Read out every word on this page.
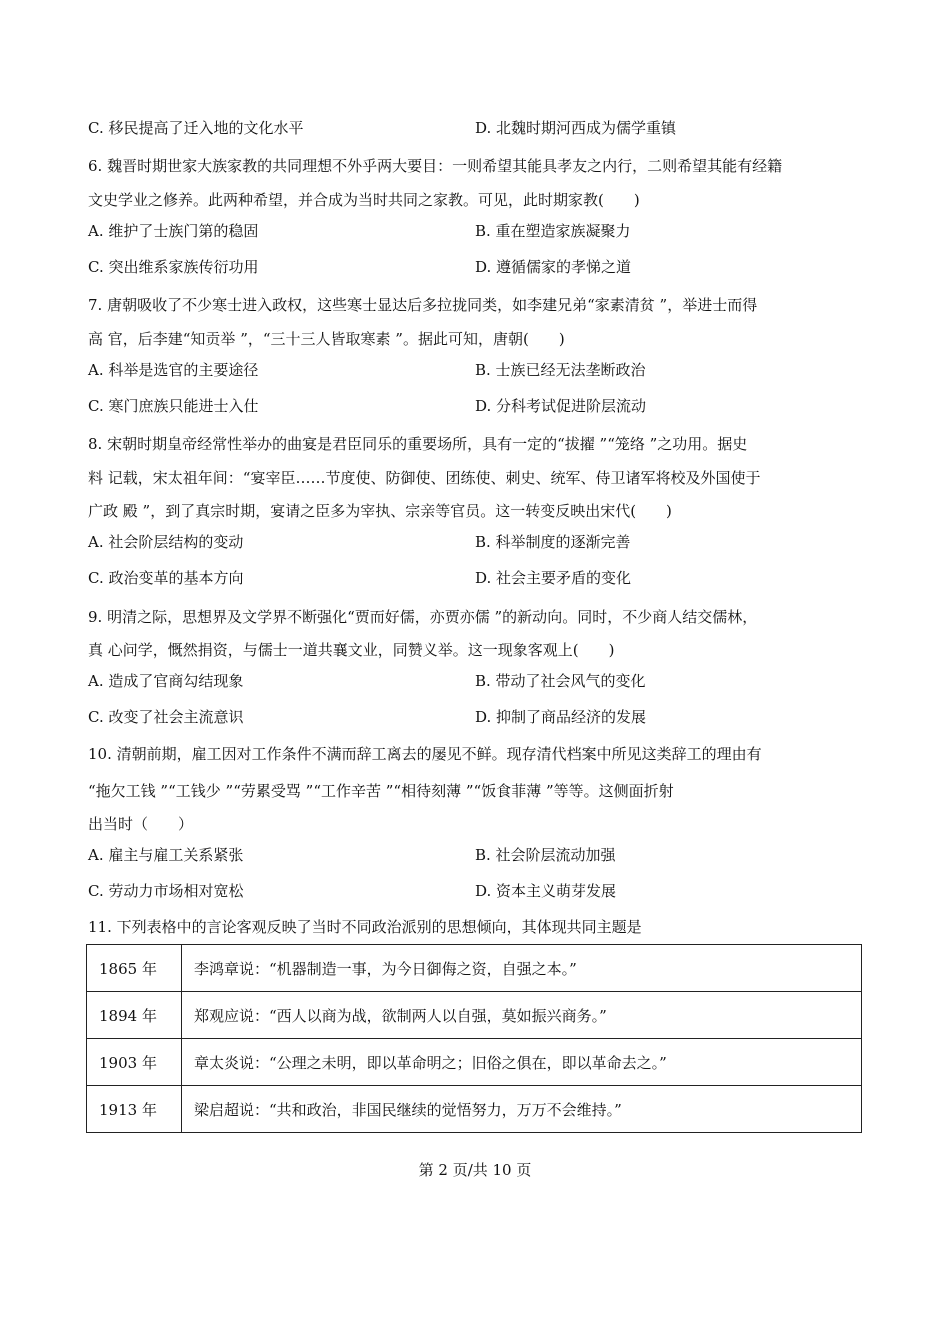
C. 移民提高了迁入地的文化水平	D. 北魏时期河西成为儒学重镇
6. 魏晋时期世家大族家教的共同理想不外乎两大要目：一则希望其能具孝友之内行，二则希望其能有经籍
文史学业之修养。此两种希望，并合成为当时共同之家教。可见，此时期家教(　　)
A. 维护了士族门第的稳固	B. 重在塑造家族凝聚力
C. 突出维系家族传衍功用	D. 遵循儒家的孝悌之道
7. 唐朝吸收了不少寒士进入政权，这些寒士显达后多拉拢同类，如李建兄弟“家素清贫 ”，举进士而得
高 官，后李建“知贡举 ”，“三十三人皆取寒素 ”。据此可知，唐朝(　　)
A. 科举是选官的主要途径	B. 士族已经无法垄断政治
C. 寒门庶族只能进士入仕	D. 分科考试促进阶层流动
8. 宋朝时期皇帝经常性举办的曲宴是君臣同乐的重要场所，具有一定的“拔擢 ”“笼络 ”之功用。据史
料 记载，宋太祖年间：“宴宰臣……节度使、防御使、团练使、刺史、统军、侍卫诸军将校及外国使于
广政 殿 ”，到了真宗时期，宴请之臣多为宰执、宗亲等官员。这一转变反映出宋代(　　)
A. 社会阶层结构的变动	B. 科举制度的逐渐完善
C. 政治变革的基本方向	D. 社会主要矛盾的变化
9. 明清之际，思想界及文学界不断强化“贾而好儒，亦贾亦儒 ”的新动向。同时，不少商人结交儒林，
真 心问学，慨然捐资，与儒士一道共襄文业，同赞义举。这一现象客观上(　　)
A. 造成了官商勾结现象	B. 带动了社会风气的变化
C. 改变了社会主流意识	D. 抑制了商品经济的发展
10. 清朝前期，雇工因对工作条件不满而辞工离去的屡见不鲜。现存清代档案中所见这类辞工的理由有
“拖欠工钱 ”“工钱少 ”“劳累受骂 ”“工作辛苦 ”“相待刻薄 ”“饭食菲薄 ”等等。这侧面折射
出当时（　　）
A. 雇主与雇工关系紧张	B. 社会阶层流动加强
C. 劳动力市场相对宽松	D. 资本主义萌芽发展
11. 下列表格中的言论客观反映了当时不同政治派别的思想倾向，其体现共同主题是
1865 年	李鸿章说：“机器制造一事，为今日御侮之资，自强之本。”
1894 年	郑观应说：“西人以商为战，欲制两人以自强，莫如振兴商务。”
1903 年	章太炎说：“公理之未明，即以革命明之；旧俗之俱在，即以革命去之。”
1913 年	梁启超说：“共和政治，非国民继续的觉悟努力，万万不会维持。”
第 2 页/共 10 页
